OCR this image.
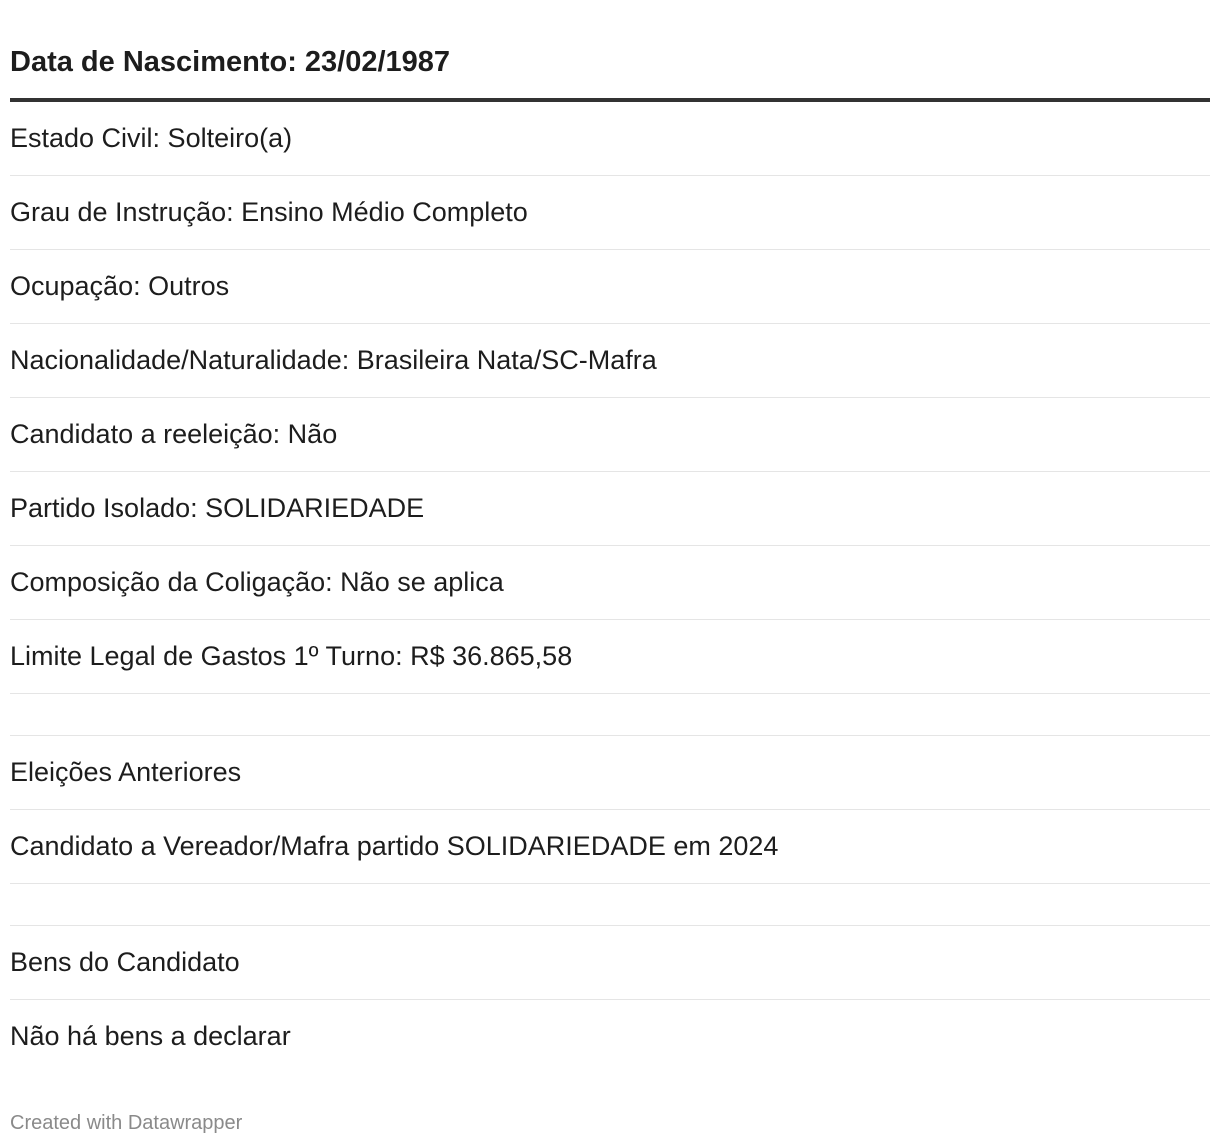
Data de Nascimento: 23/02/1987
Estado Civil: Solteiro(a)
Grau de Instrução: Ensino Médio Completo
Ocupação: Outros
Nacionalidade/Naturalidade: Brasileira Nata/SC-Mafra
Candidato a reeleição: Não
Partido Isolado: SOLIDARIEDADE
Composição da Coligação: Não se aplica
Limite Legal de Gastos 1º Turno: R$ 36.865,58
Eleições Anteriores
Candidato a Vereador/Mafra partido SOLIDARIEDADE em 2024
Bens do Candidato
Não há bens a declarar
Created with Datawrapper
